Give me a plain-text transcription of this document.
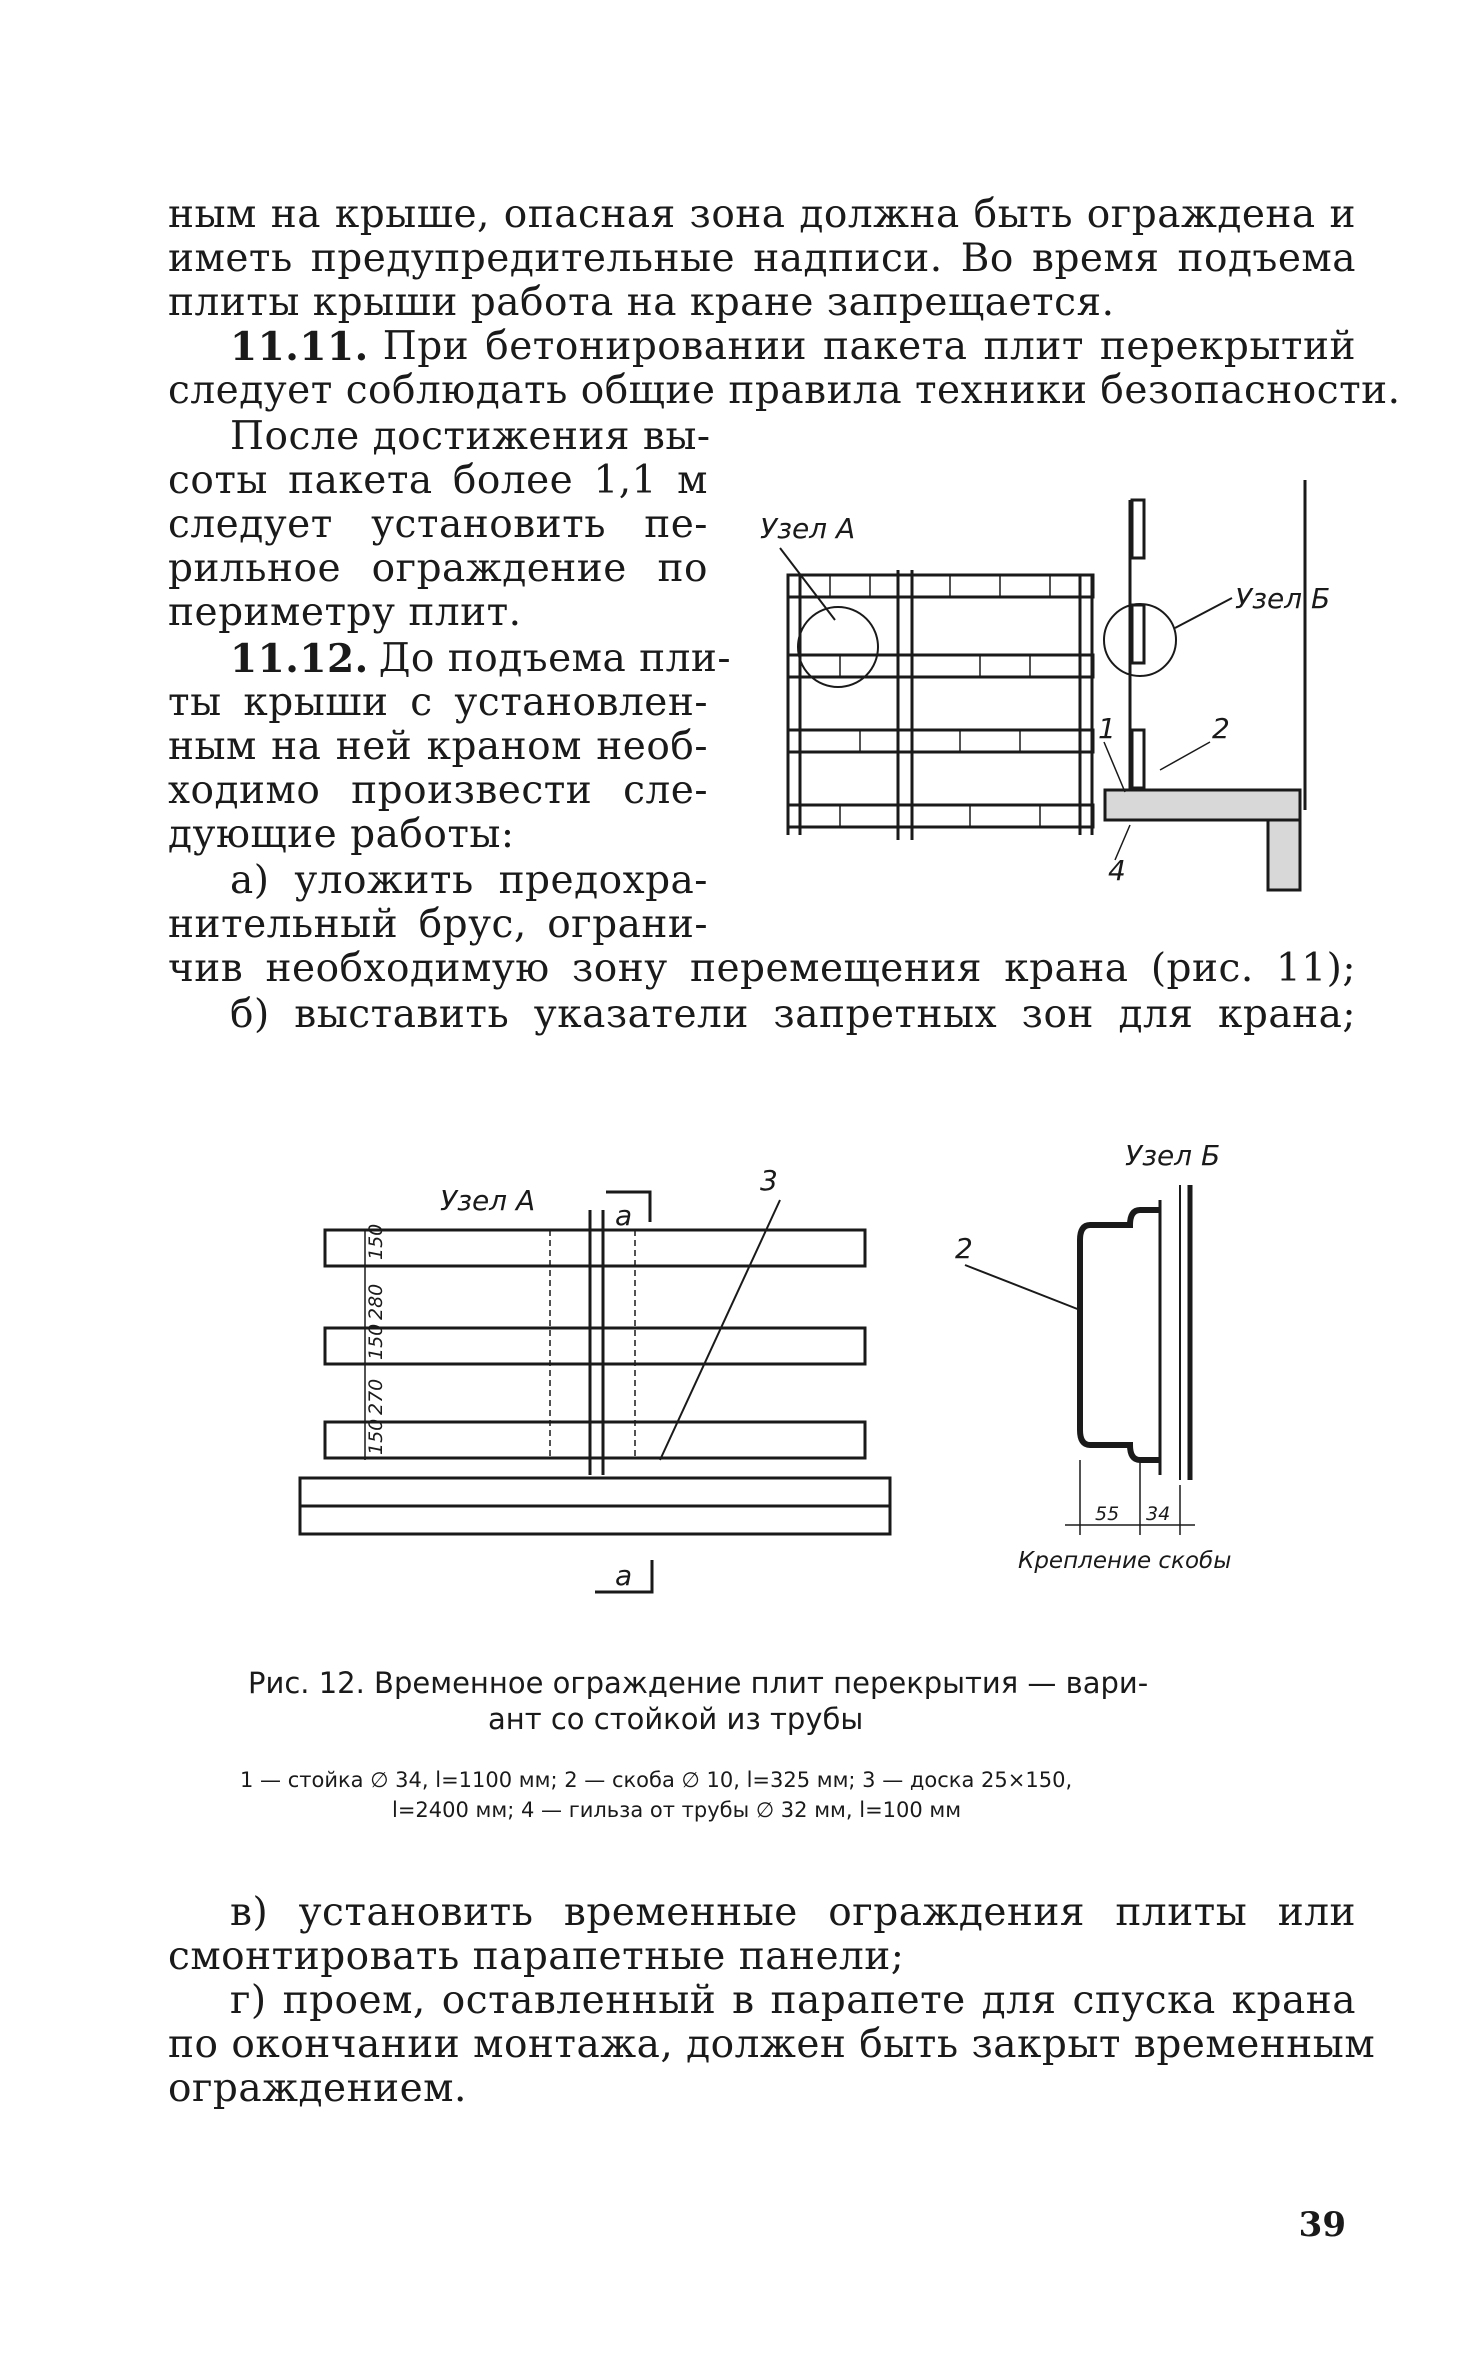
ным на крыше, опасная зона должна быть ограждена и
иметь предупредительные надписи. Во время подъема
плиты крыши работа на кране запрещается.
11.11. При бетонировании пакета плит перекрытий
следует соблюдать общие правила техники безопасности.
После достижения вы-
соты пакета более 1,1 м
следует установить пе-
рильное ограждение по
периметру плит.
11.12. До подъема пли-
ты крыши с установлен-
ным на ней краном необ-
ходимо произвести сле-
дующие работы:
а) уложить предохра-
нительный брус, ограни-
чив необходимую зону перемещения крана (рис. 11);
б) выставить указатели запретных зон для крана;
Узел А
Узел Б
1	2
4
Узел А	а
3
150
280
150
270
150
а
Узел Б
2
55 34
Крепление скобы
Рис. 12. Временное ограждение плит перекрытия — вари-
ант со стойкой из трубы
1 — стойка ∅ 34, l=1100 мм; 2 — скоба ∅ 10, l=325 мм; 3 — доска 25×150,
l=2400 мм; 4 — гильза от трубы ∅ 32 мм, l=100 мм
в) установить временные ограждения плиты или
смонтировать парапетные панели;
г) проем, оставленный в парапете для спуска крана
по окончании монтажа, должен быть закрыт временным
ограждением.
39
